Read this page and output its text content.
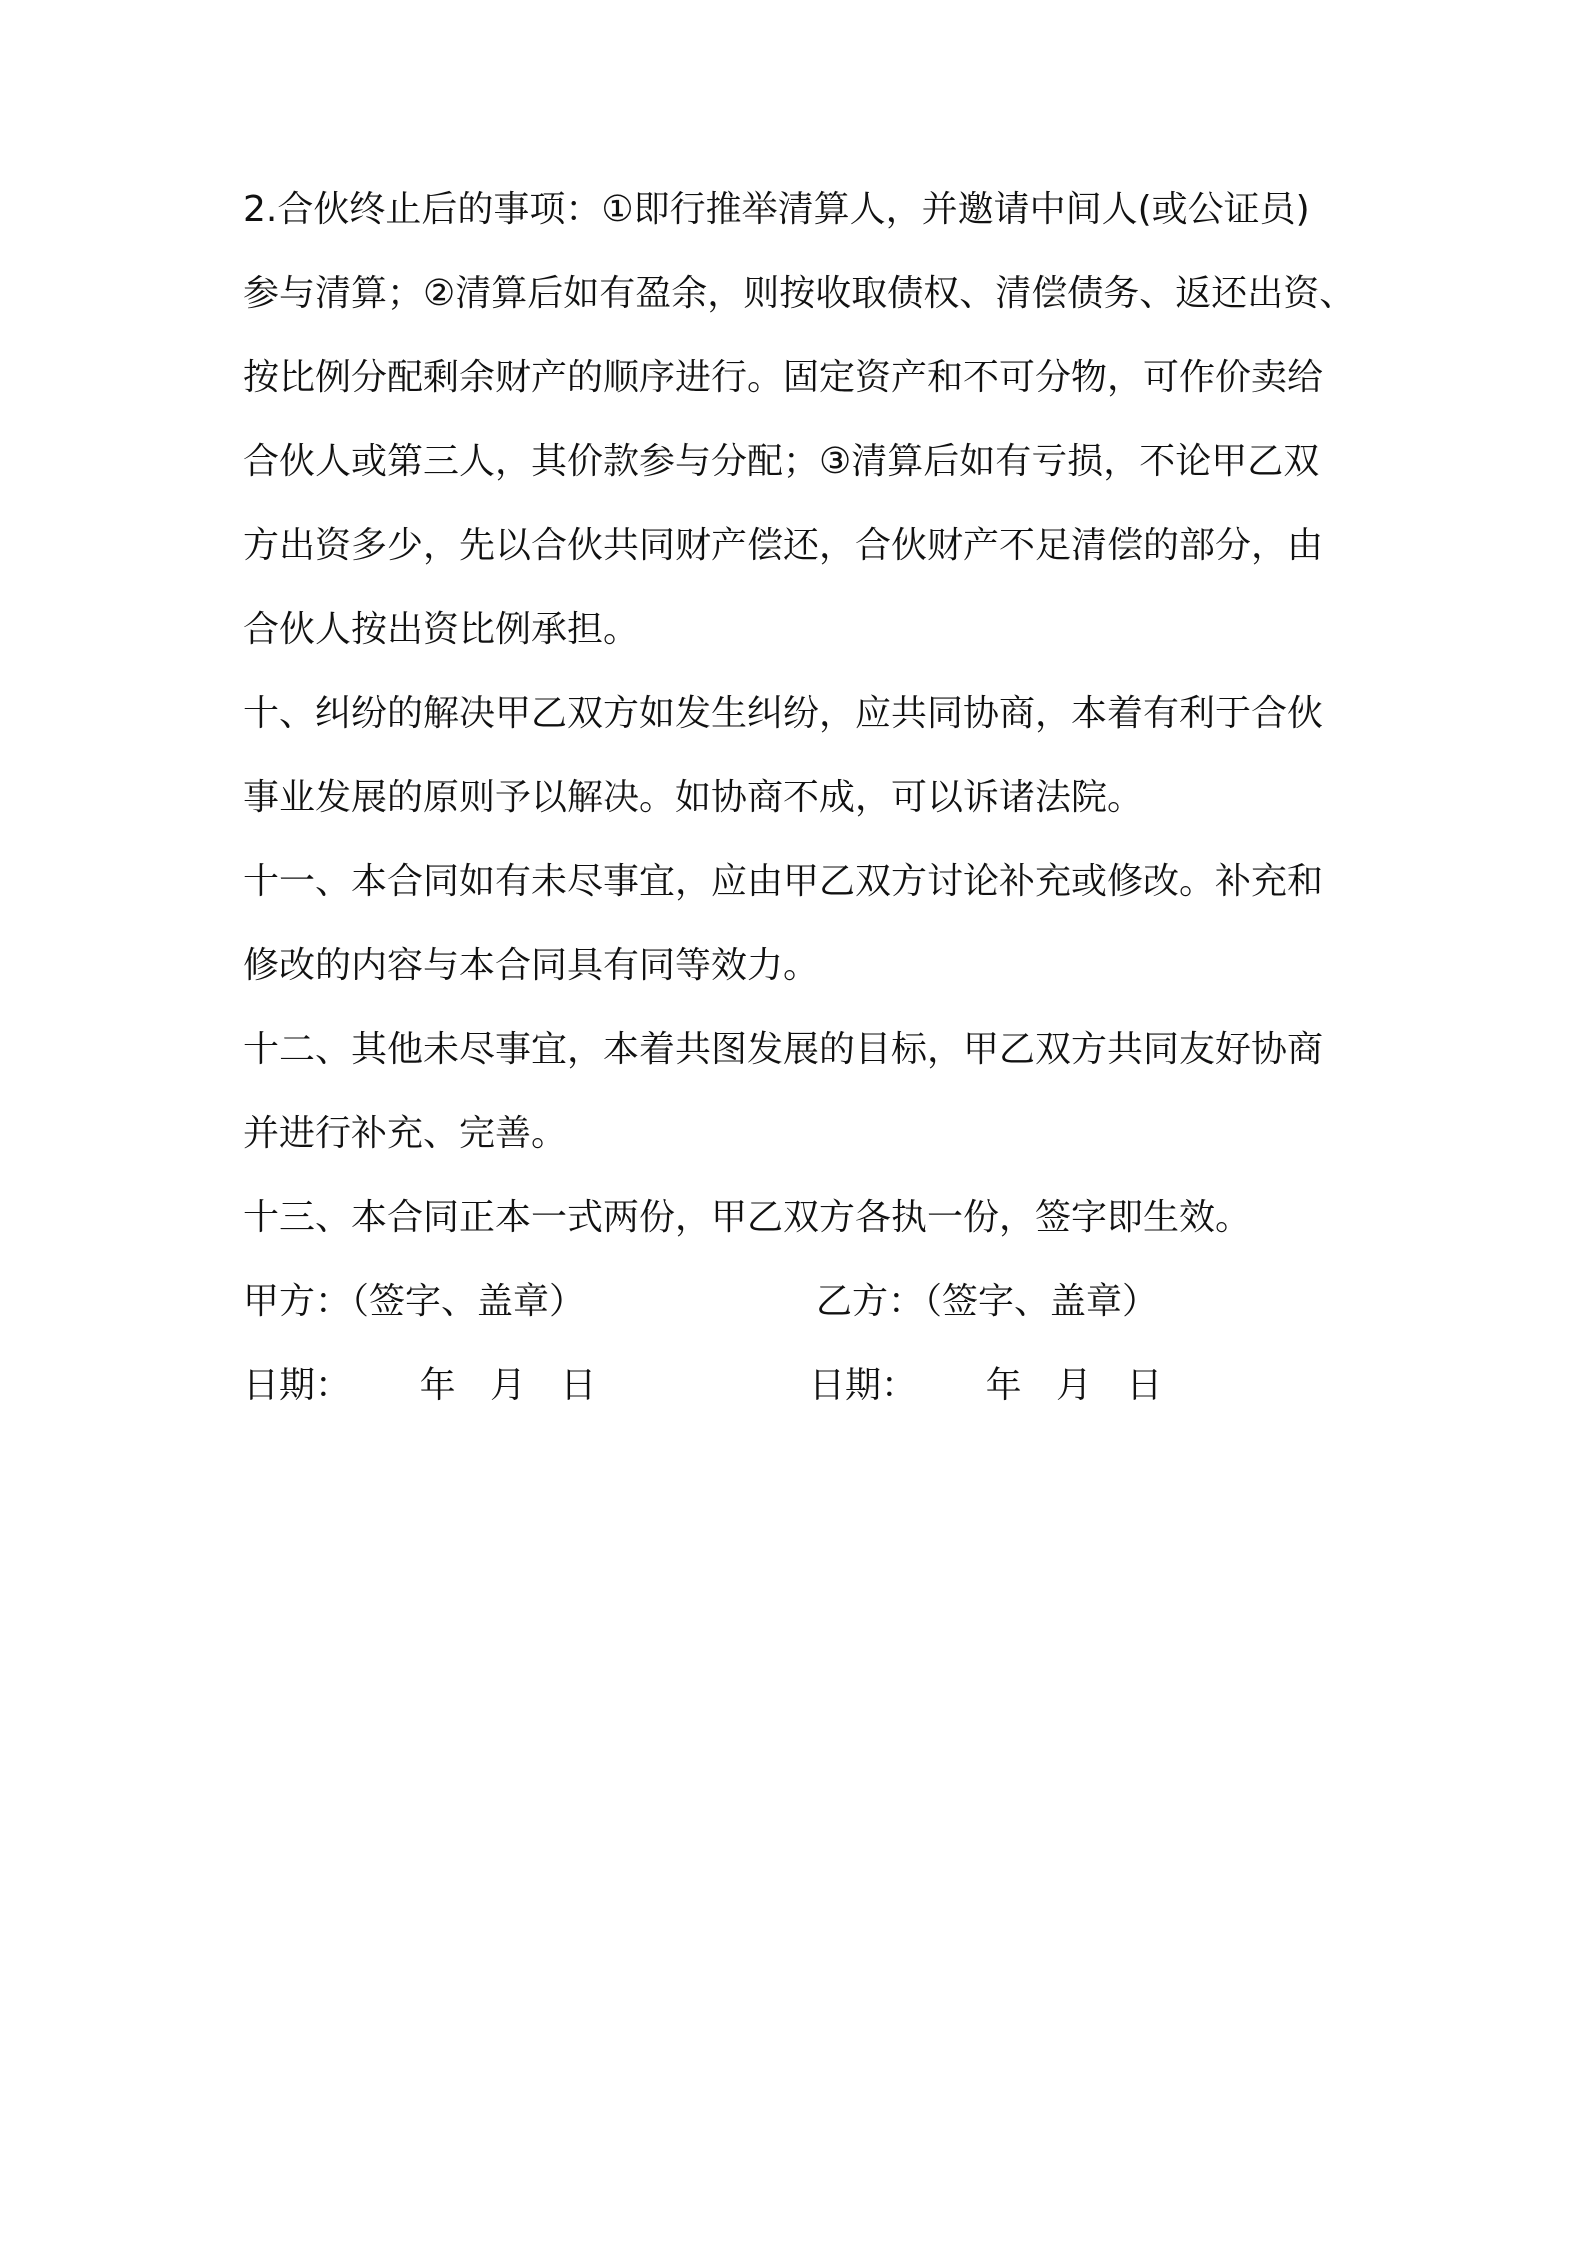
2.合伙终止后的事项：①即行推举清算人，并邀请中间人(或公证员)
参与清算；②清算后如有盈余，则按收取债权、清偿债务、返还出资、
按比例分配剩余财产的顺序进行。固定资产和不可分物，可作价卖给
合伙人或第三人，其价款参与分配；③清算后如有亏损，不论甲乙双
方出资多少，先以合伙共同财产偿还，合伙财产不足清偿的部分，由
合伙人按出资比例承担。
十、纠纷的解决甲乙双方如发生纠纷，应共同协商，本着有利于合伙
事业发展的原则予以解决。如协商不成，可以诉诸法院。
十一、本合同如有未尽事宜，应由甲乙双方讨论补充或修改。补充和
修改的内容与本合同具有同等效力。
十二、其他未尽事宜，本着共图发展的目标，甲乙双方共同友好协商
并进行补充、完善。
十三、本合同正本一式两份，甲乙双方各执一份，签字即生效。
甲方：（签字、盖章）	乙方：（签字、盖章）
日期：      年   月   日	日期：      年   月   日
